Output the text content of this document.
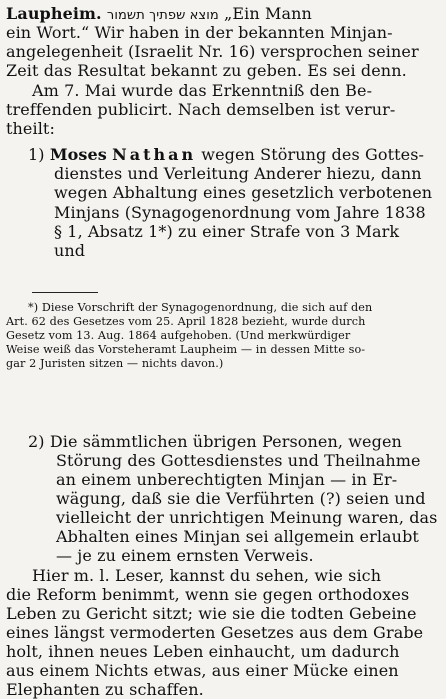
Laupheim. מוצא שפתיך תשמור „Ein Mann
ein Wort.“ Wir haben in der bekannten Minjan-
angelegenheit (Israelit Nr. 16) versprochen seiner
Zeit das Resultat bekannt zu geben. Es sei denn.
Am 7. Mai wurde das Erkenntniß den Be-
treffenden publicirt. Nach demselben ist verur-
theilt:
1) Moses Nathan wegen Störung des Gottes-
dienstes und Verleitung Anderer hiezu, dann
wegen Abhaltung eines gesetzlich verbotenen
Minjans (Synagogenordnung vom Jahre 1838
§ 1, Absatz 1*) zu einer Strafe von 3 Mark
und
*) Diese Vorschrift der Synagogenordnung, die sich auf den
Art. 62 des Gesetzes vom 25. April 1828 bezieht, wurde durch
Gesetz vom 13. Aug. 1864 aufgehoben. (Und merkwürdiger
Weise weiß das Vorsteheramt Laupheim — in dessen Mitte so-
gar 2 Juristen sitzen — nichts davon.)
2) Die sämmtlichen übrigen Personen, wegen
Störung des Gottesdienstes und Theilnahme
an einem unberechtigten Minjan — in Er-
wägung, daß sie die Verführten (?) seien und
vielleicht der unrichtigen Meinung waren, das
Abhalten eines Minjan sei allgemein erlaubt
— je zu einem ernsten Verweis.
Hier m. l. Leser, kannst du sehen, wie sich
die Reform benimmt, wenn sie gegen orthodoxes
Leben zu Gericht sitzt; wie sie die todten Gebeine
eines längst vermoderten Gesetzes aus dem Grabe
holt, ihnen neues Leben einhaucht, um dadurch
aus einem Nichts etwas, aus einer Mücke einen
Elephanten zu schaffen.
